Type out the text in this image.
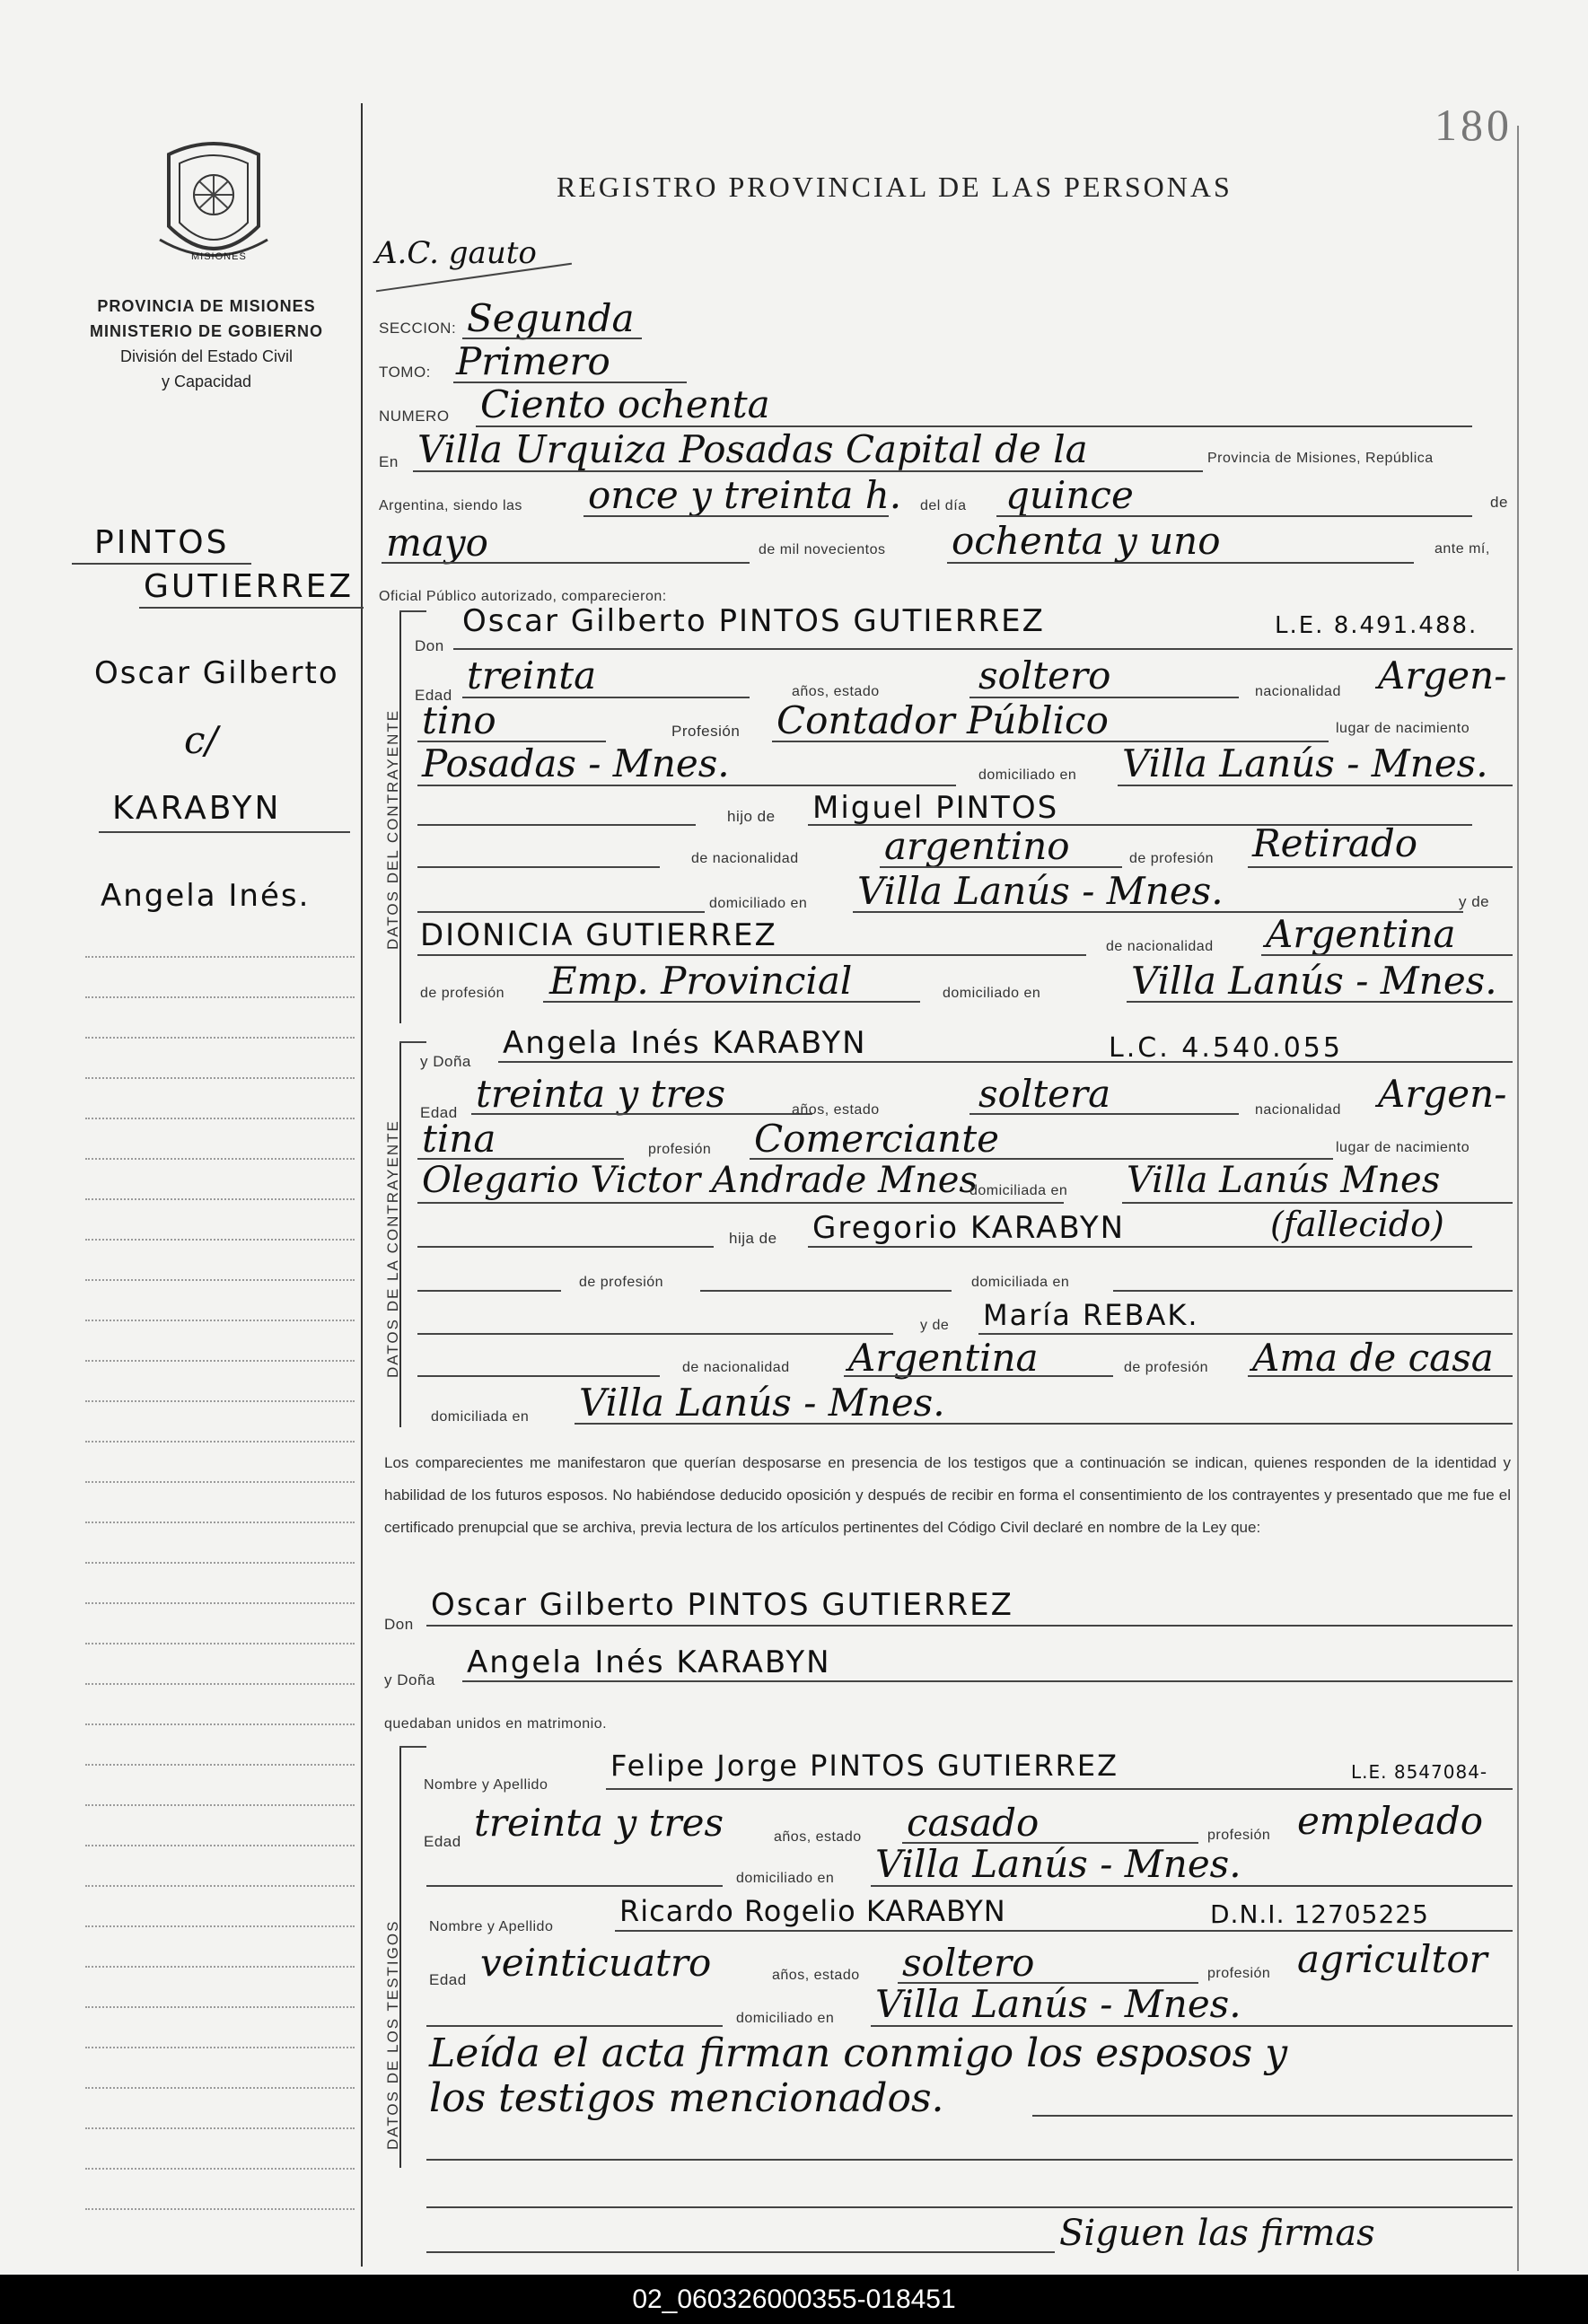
180
MISIONES
PROVINCIA DE MISIONES
MINISTERIO DE GOBIERNO
División del Estado Civil
y Capacidad
REGISTRO PROVINCIAL DE LAS PERSONAS
A.C. gauto
PINTOS
GUTIERREZ
Oscar Gilberto
c/
KARABYN
Angela Inés.
SECCION: Segunda
TOMO: Primero
NUMERO Ciento ochenta
En Villa Urquiza Posadas Capital de la	Provincia de Misiones, República
Argentina, siendo las once y treinta h. del día quince	de
mayo	de mil novecientos ochenta y uno	ante mí,
Oficial Público autorizado, comparecieron:
DATOS DEL CONTRAYENTE
Don
Oscar Gilberto PINTOS GUTIERREZ	L.E. 8.491.488.
Edad treinta	años, estado	soltero	nacionalidad Argen-
tino	Profesión Contador Público	lugar de nacimiento
Posadas - Mnes.	domiciliado en Villa Lanús - Mnes.
hijo de Miguel PINTOS
de nacionalidad argentino	de profesión Retirado
domiciliado en Villa Lanús - Mnes.	y de
DIONICIA GUTIERREZ	de nacionalidad Argentina
de profesión Emp. Provincial	domiciliado en Villa Lanús - Mnes.
DATOS DE LA CONTRAYENTE
y Doña
Angela Inés KARABYN	L.C. 4.540.055
Edad treinta y tres	años, estado	soltera	nacionalidad Argen-
tina	profesión Comerciante	lugar de nacimiento
Olegario Victor Andrade Mnes
domiciliada en Villa Lanús Mnes
hija de Gregorio KARABYN	(fallecido)
de profesión	domiciliada en
y de María REBAK.
de nacionalidad Argentina	de profesión Ama de casa
domiciliada en Villa Lanús - Mnes.
Los comparecientes me manifestaron que querían desposarse en presencia de los testigos que a continuación se indican, quienes responden de la identidad y habilidad de los futuros esposos. No habiéndose deducido oposición y después de recibir en forma el consentimiento de los contrayentes y presentado que me fue el certificado prenupcial que se archiva, previa lectura de los artículos pertinentes del Código Civil declaré en nombre de la Ley que:
Don
Oscar Gilberto PINTOS GUTIERREZ
y Doña Angela Inés KARABYN
quedaban unidos en matrimonio.
DATOS DE LOS TESTIGOS
Nombre y Apellido
Felipe Jorge PINTOS GUTIERREZ	L.E. 8547084-
Edad treinta y tres	años, estado casado	profesión empleado
domiciliado en Villa Lanús - Mnes.
Nombre y Apellido Ricardo Rogelio KARABYN	D.N.I. 12705225
Edad veinticuatro	años, estado soltero	profesión agricultor
domiciliado en Villa Lanús - Mnes.
Leída el acta firman conmigo los esposos y
los testigos mencionados.
Siguen las firmas
02_060326000355-018451
